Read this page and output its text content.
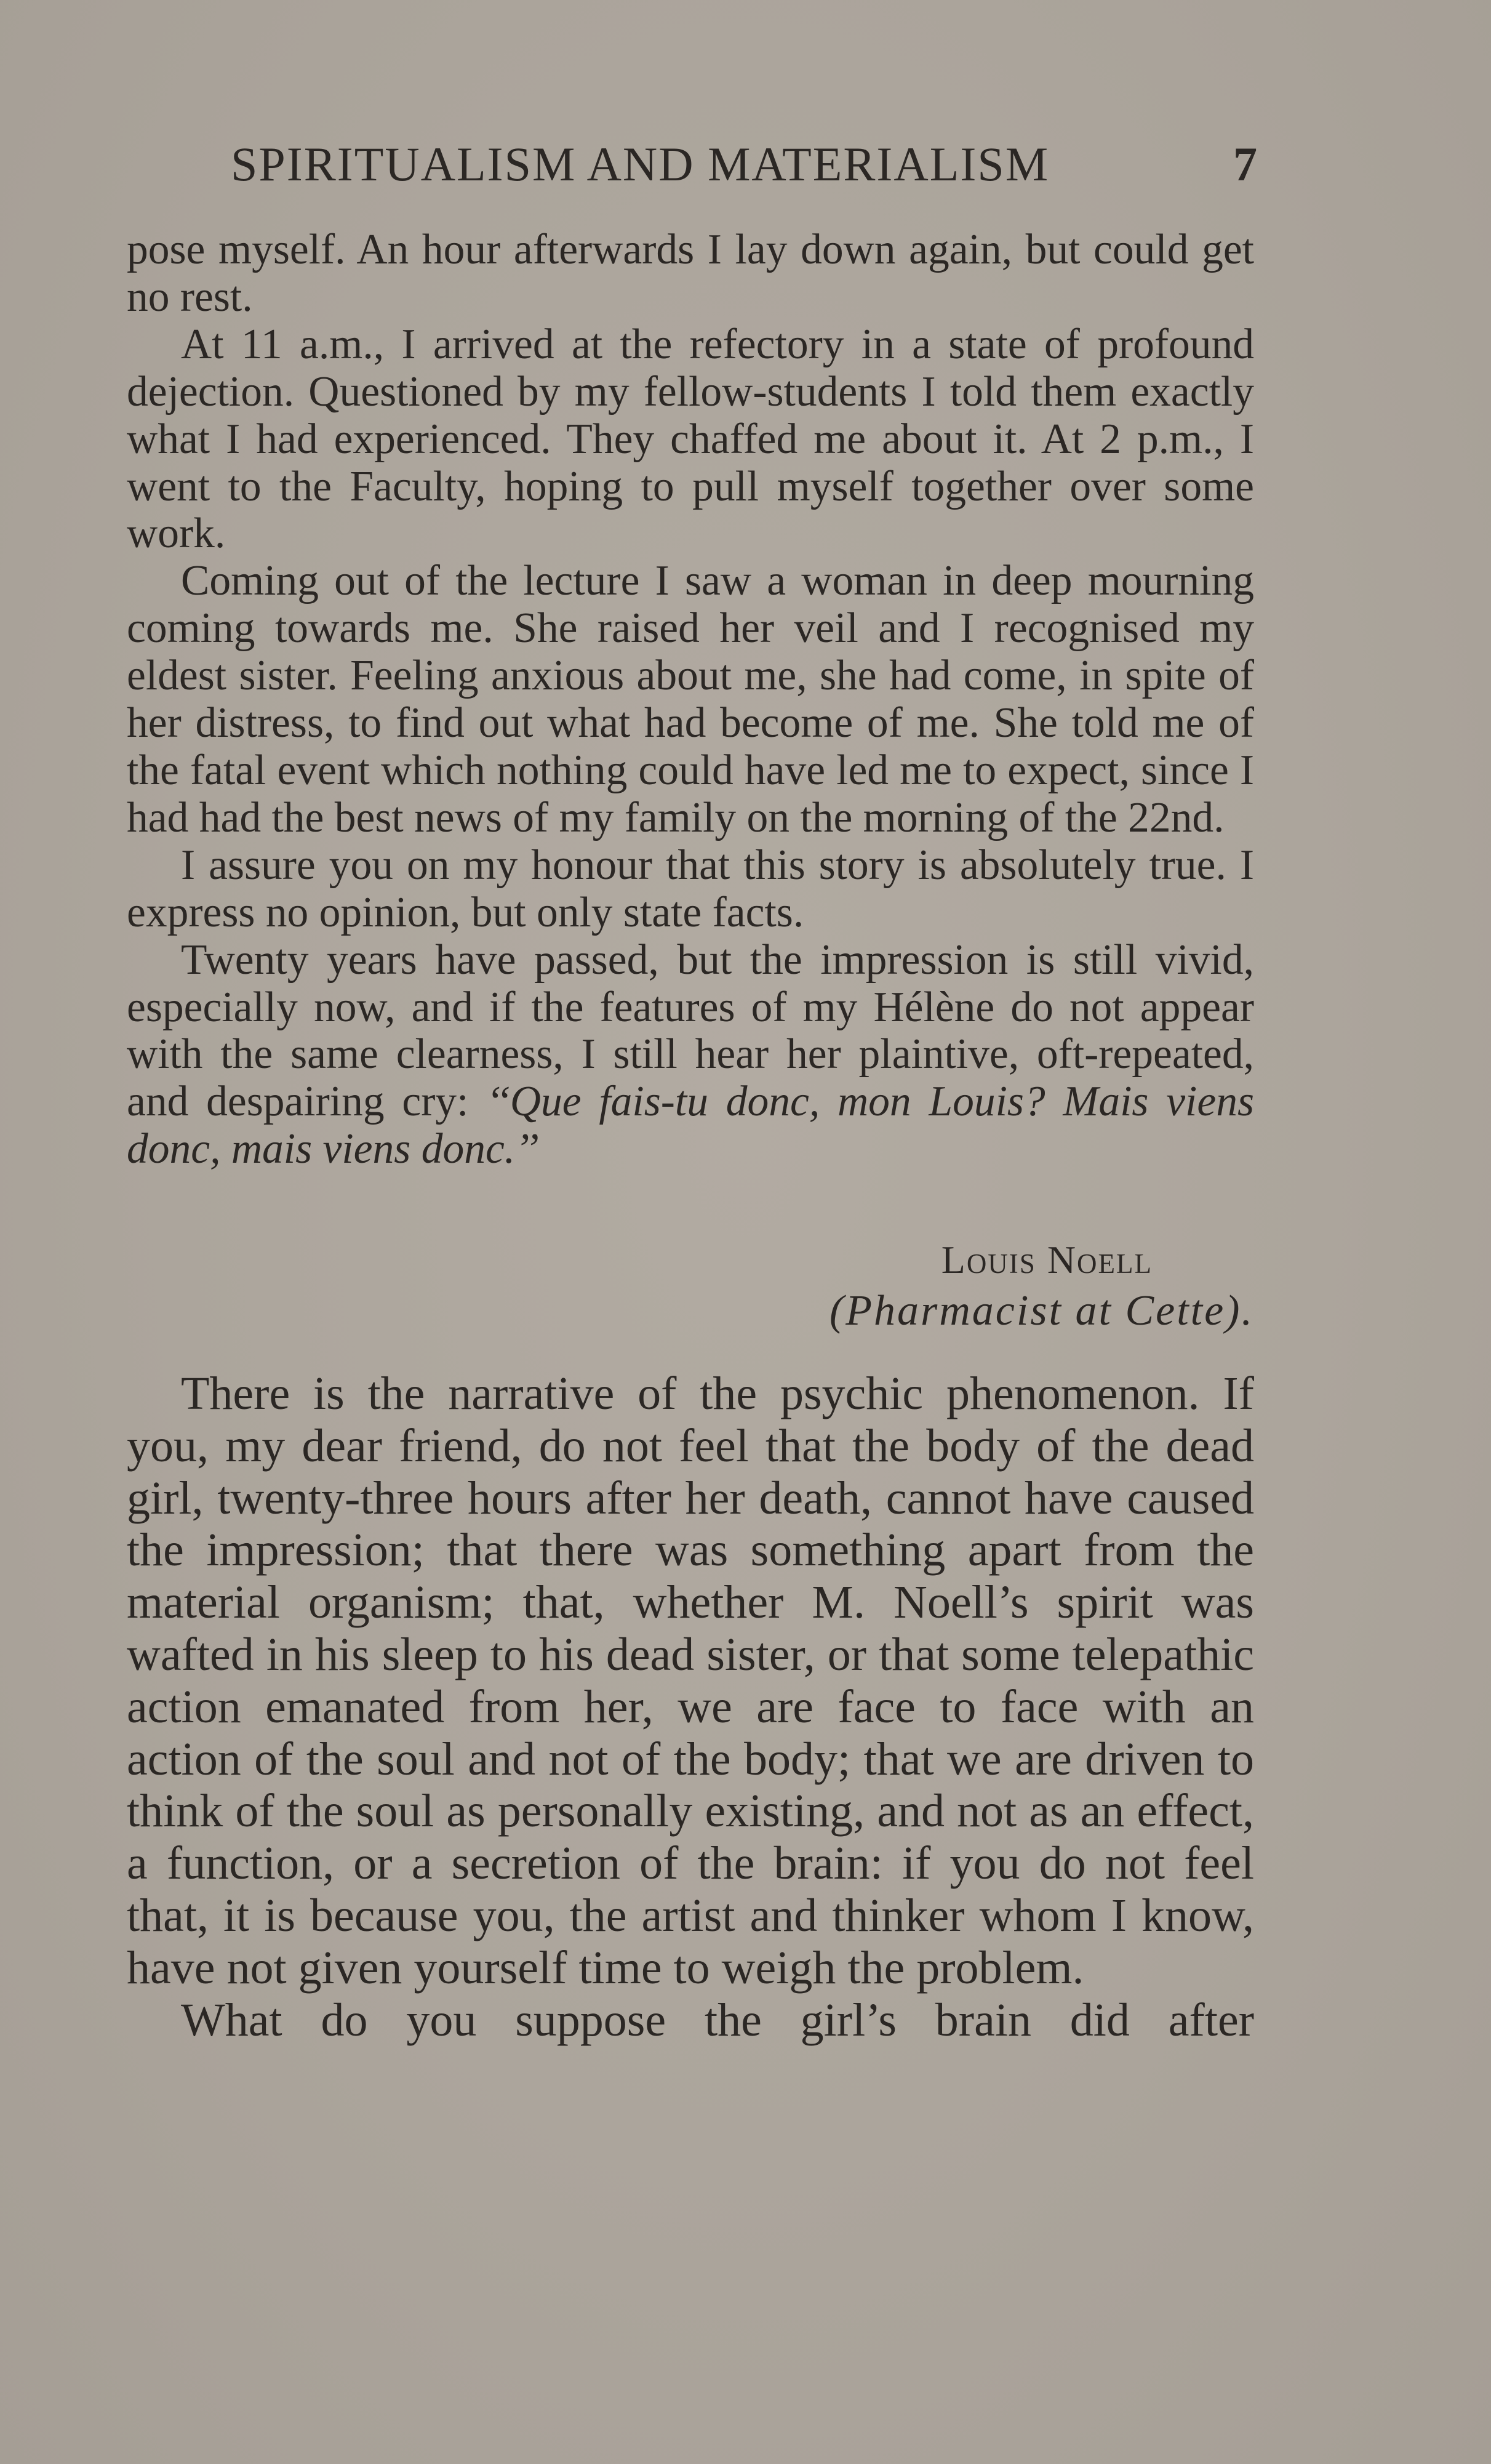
SPIRITUALISM AND MATERIALISM	7

pose myself. An hour afterwards I lay down again, but could get no rest.

At 11 a.m., I arrived at the refectory in a state of profound dejection. Questioned by my fellow-students I told them exactly what I had experienced. They chaffed me about it. At 2 p.m., I went to the Faculty, hoping to pull myself together over some work.

Coming out of the lecture I saw a woman in deep mourning coming towards me. She raised her veil and I recognised my eldest sister. Feeling anxious about me, she had come, in spite of her distress, to find out what had become of me. She told me of the fatal event which nothing could have led me to expect, since I had had the best news of my family on the morning of the 22nd.

I assure you on my honour that this story is absolutely true. I express no opinion, but only state facts.

Twenty years have passed, but the impression is still vivid, especially now, and if the features of my Hélène do not appear with the same clearness, I still hear her plaintive, oft-repeated, and despairing cry: ‘‘Que fais-tu donc, mon Louis? Mais viens donc, mais viens donc.’’

Louis Noell
(Pharmacist at Cette).

There is the narrative of the psychic phenomenon. If you, my dear friend, do not feel that the body of the dead girl, twenty-three hours after her death, cannot have caused the impression; that there was something apart from the material organism; that, whether M. Noell’s spirit was wafted in his sleep to his dead sister, or that some telepathic action emanated from her, we are face to face with an action of the soul and not of the body; that we are driven to think of the soul as personally existing, and not as an effect, a function, or a secretion of the brain: if you do not feel that, it is because you, the artist and thinker whom I know, have not given yourself time to weigh the problem.

What do you suppose the girl’s brain did after
